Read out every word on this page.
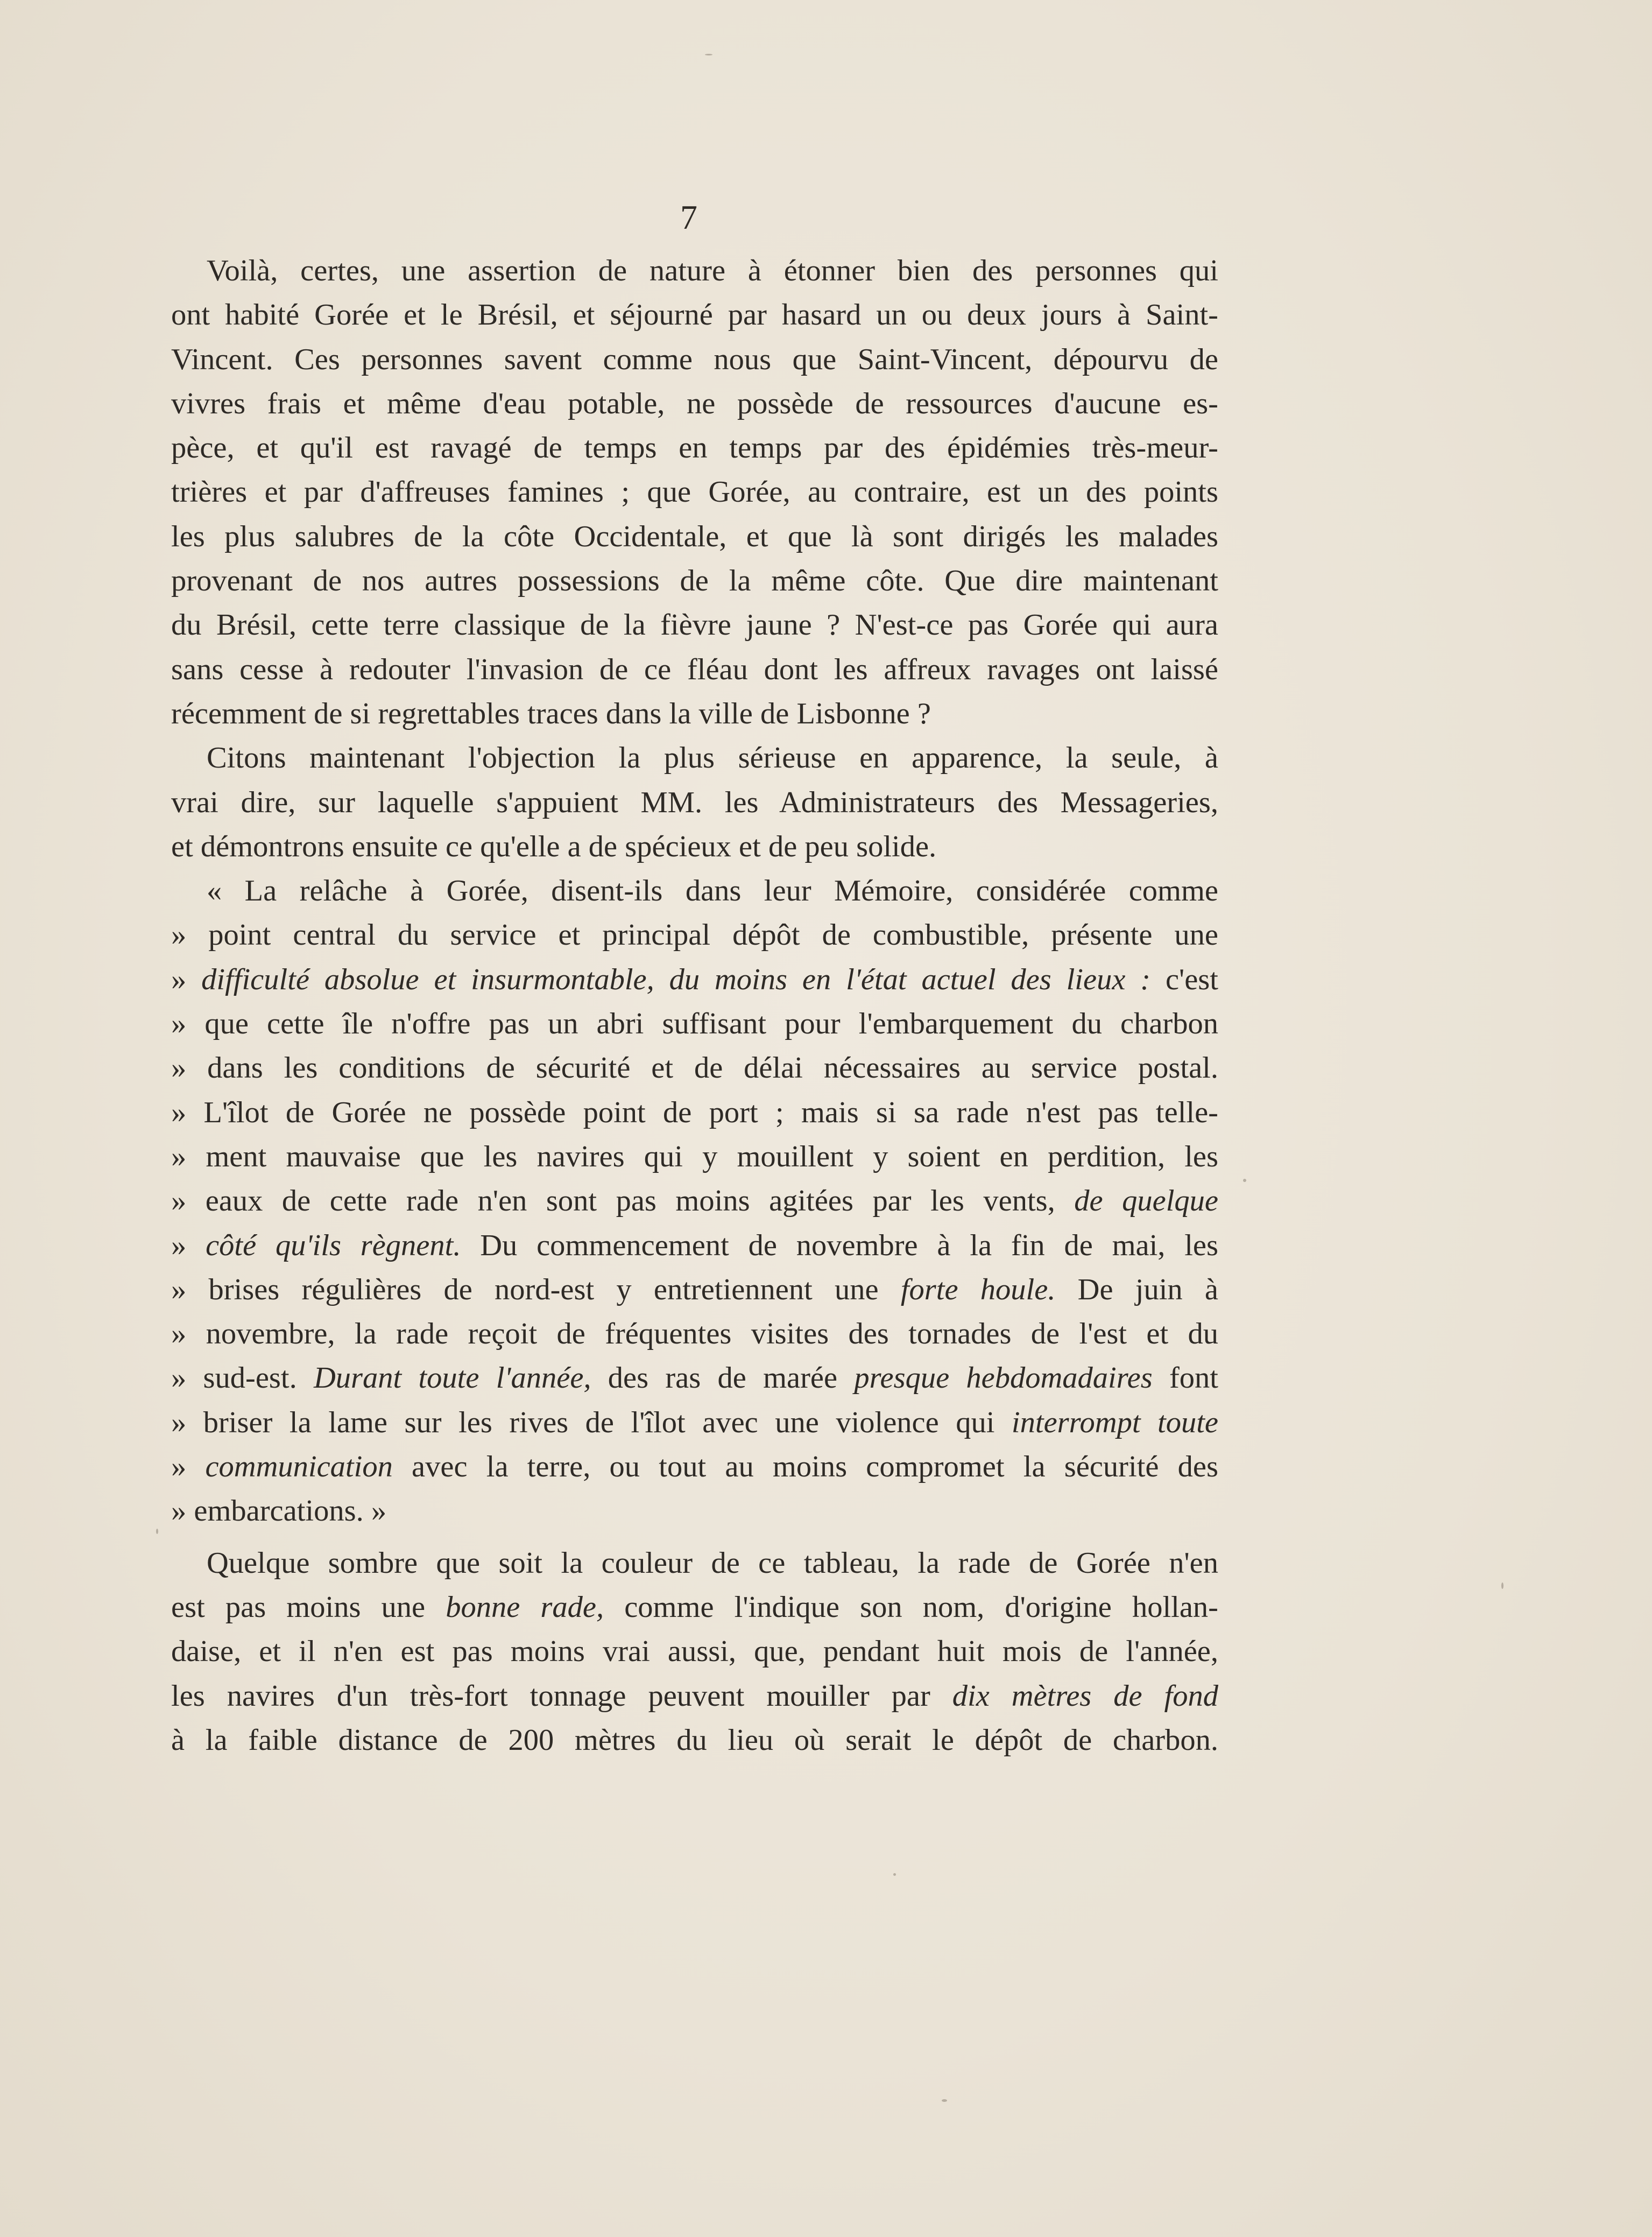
7
Voilà, certes, une assertion de nature à étonner bien des personnes qui
ont habité Gorée et le Brésil, et séjourné par hasard un ou deux jours à Saint-
Vincent. Ces personnes savent comme nous que Saint-Vincent, dépourvu de
vivres frais et même d'eau potable, ne possède de ressources d'aucune es-
pèce, et qu'il est ravagé de temps en temps par des épidémies très-meur-
trières et par d'affreuses famines ; que Gorée, au contraire, est un des points
les plus salubres de la côte Occidentale, et que là sont dirigés les malades
provenant de nos autres possessions de la même côte. Que dire maintenant
du Brésil, cette terre classique de la fièvre jaune ? N'est-ce pas Gorée qui aura
sans cesse à redouter l'invasion de ce fléau dont les affreux ravages ont laissé
récemment de si regrettables traces dans la ville de Lisbonne ?
Citons maintenant l'objection la plus sérieuse en apparence, la seule, à
vrai dire, sur laquelle s'appuient MM. les Administrateurs des Messageries,
et démontrons ensuite ce qu'elle a de spécieux et de peu solide.
« La relâche à Gorée, disent-ils dans leur Mémoire, considérée comme
» point central du service et principal dépôt de combustible, présente une
» difficulté absolue et insurmontable, du moins en l'état actuel des lieux : c'est
» que cette île n'offre pas un abri suffisant pour l'embarquement du charbon
» dans les conditions de sécurité et de délai nécessaires au service postal.
» L'îlot de Gorée ne possède point de port ; mais si sa rade n'est pas telle-
» ment mauvaise que les navires qui y mouillent y soient en perdition, les
» eaux de cette rade n'en sont pas moins agitées par les vents, de quelque
» côté qu'ils règnent. Du commencement de novembre à la fin de mai, les
» brises régulières de nord-est y entretiennent une forte houle. De juin à
» novembre, la rade reçoit de fréquentes visites des tornades de l'est et du
» sud-est. Durant toute l'année, des ras de marée presque hebdomadaires font
» briser la lame sur les rives de l'îlot avec une violence qui interrompt toute
» communication avec la terre, ou tout au moins compromet la sécurité des
» embarcations. »
Quelque sombre que soit la couleur de ce tableau, la rade de Gorée n'en
est pas moins une bonne rade, comme l'indique son nom, d'origine hollan-
daise, et il n'en est pas moins vrai aussi, que, pendant huit mois de l'année,
les navires d'un très-fort tonnage peuvent mouiller par dix mètres de fond
à la faible distance de 200 mètres du lieu où serait le dépôt de charbon.
